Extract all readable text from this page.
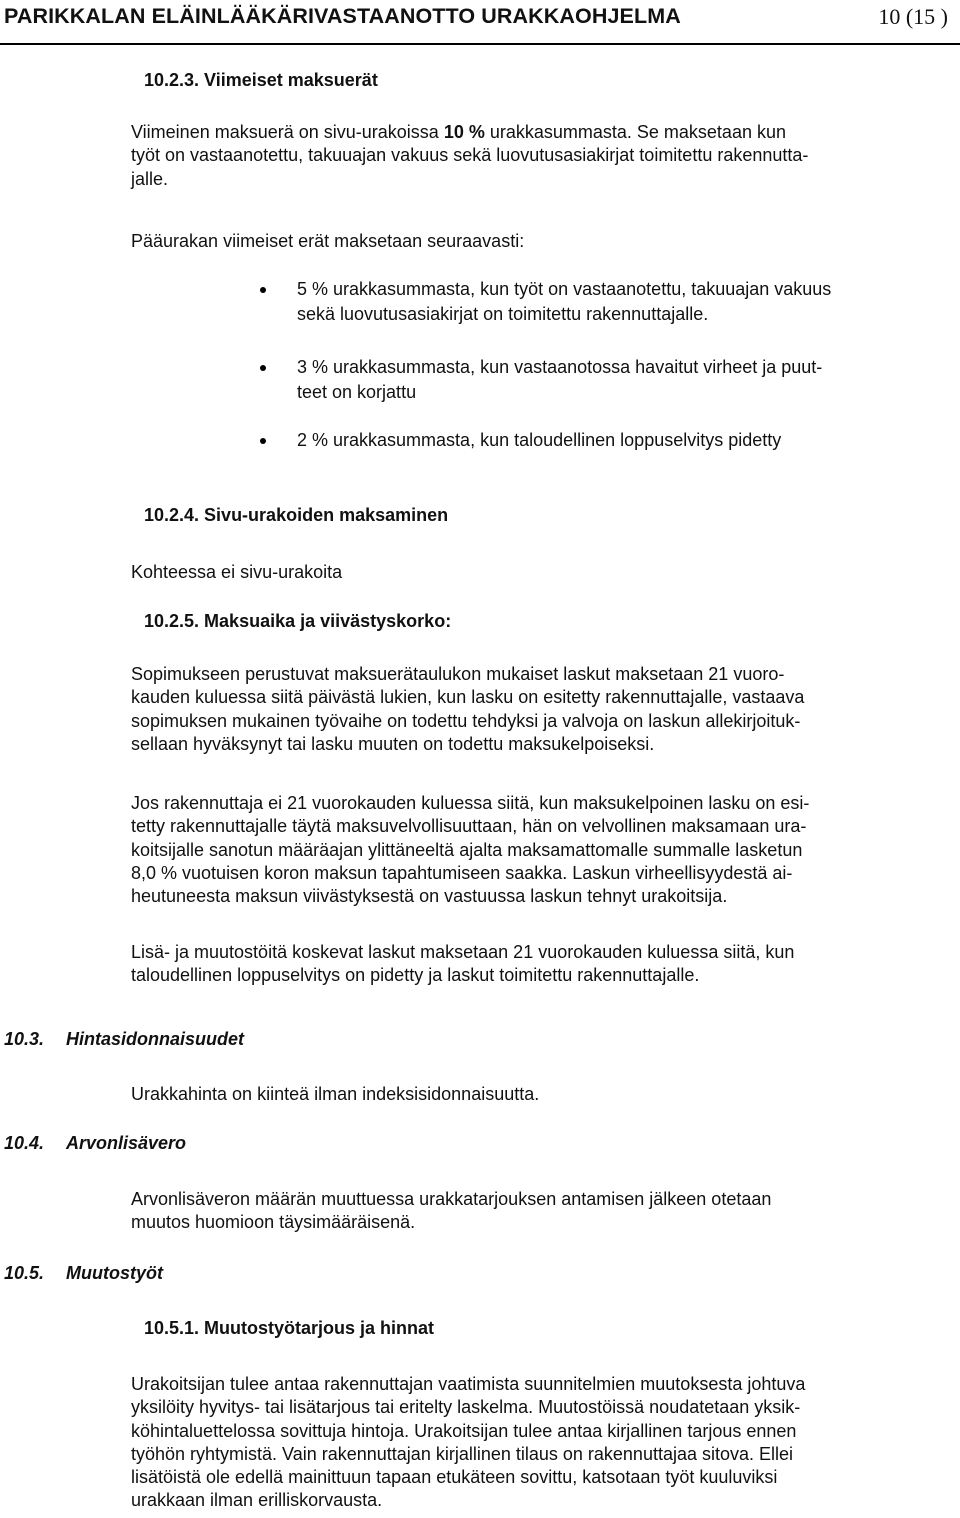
PARIKKALAN ELÄINLÄÄKÄRIVASTAANOTTO URAKKAOHJELMA	10 (15 )
10.2.3. Viimeiset maksuerät
Viimeinen maksuerä on sivu-urakoissa 10 % urakkasummasta. Se maksetaan kun
työt on vastaanotettu, takuuajan vakuus sekä luovutusasiakirjat toimitettu rakennutta-
jalle.
Pääurakan viimeiset erät maksetaan seuraavasti:
5 % urakkasummasta, kun työt on vastaanotettu, takuuajan vakuus
sekä luovutusasiakirjat on toimitettu rakennuttajalle.
3 % urakkasummasta, kun vastaanotossa havaitut virheet ja puut-
teet on korjattu
2 % urakkasummasta, kun taloudellinen loppuselvitys pidetty
10.2.4. Sivu-urakoiden maksaminen
Kohteessa ei sivu-urakoita
10.2.5. Maksuaika ja viivästyskorko:
Sopimukseen perustuvat maksuerätaulukon mukaiset laskut maksetaan 21 vuoro-
kauden kuluessa siitä päivästä lukien, kun lasku on esitetty rakennuttajalle, vastaava
sopimuksen mukainen työvaihe on todettu tehdyksi ja valvoja on laskun allekirjoituk-
sellaan hyväksynyt tai lasku muuten on todettu maksukelpoiseksi.
Jos rakennuttaja ei 21 vuorokauden kuluessa siitä, kun maksukelpoinen lasku on esi-
tetty rakennuttajalle täytä maksuvelvollisuuttaan, hän on velvollinen maksamaan ura-
koitsijalle sanotun määräajan ylittäneeltä ajalta maksamattomalle summalle lasketun
8,0 % vuotuisen koron maksun tapahtumiseen saakka. Laskun virheellisyydestä ai-
heutuneesta maksun viivästyksestä on vastuussa laskun tehnyt urakoitsija.
Lisä- ja muutostöitä koskevat laskut maksetaan 21 vuorokauden kuluessa siitä, kun
taloudellinen loppuselvitys on pidetty ja laskut toimitettu rakennuttajalle.
10.3. Hintasidonnaisuudet
Urakkahinta on kiinteä ilman indeksisidonnaisuutta.
10.4. Arvonlisävero
Arvonlisäveron määrän muuttuessa urakkatarjouksen antamisen jälkeen otetaan
muutos huomioon täysimääräisenä.
10.5. Muutostyöt
10.5.1. Muutostyötarjous ja hinnat
Urakoitsijan tulee antaa rakennuttajan vaatimista suunnitelmien muutoksesta johtuva
yksilöity hyvitys- tai lisätarjous tai eritelty laskelma. Muutostöissä noudatetaan yksik-
köhintaluettelossa sovittuja hintoja. Urakoitsijan tulee antaa kirjallinen tarjous ennen
työhön ryhtymistä. Vain rakennuttajan kirjallinen tilaus on rakennuttajaa sitova. Ellei
lisätöistä ole edellä mainittuun tapaan etukäteen sovittu, katsotaan työt kuuluviksi
urakkaan ilman erilliskorvausta.
